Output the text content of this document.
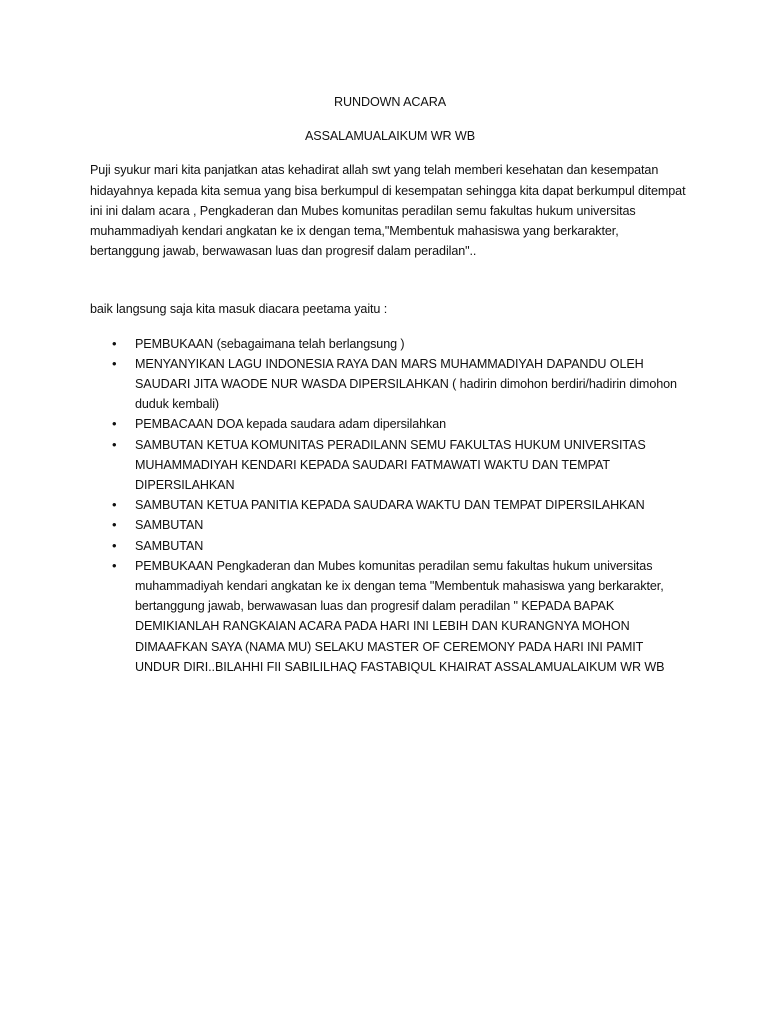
RUNDOWN ACARA

ASSALAMUALAIKUM WR WB

Puji syukur mari kita panjatkan atas kehadirat allah swt yang telah memberi kesehatan dan kesempatan hidayahnya kepada kita semua yang bisa berkumpul di kesempatan sehingga kita dapat berkumpul ditempat ini ini dalam acara , Pengkaderan dan Mubes komunitas peradilan semu fakultas hukum universitas muhammadiyah kendari angkatan ke ix dengan tema,"Membentuk mahasiswa yang berkarakter, bertanggung jawab, berwawasan luas dan progresif dalam peradilan"..

baik langsung saja kita masuk diacara peetama yaitu :

• PEMBUKAAN (sebagaimana telah berlangsung )
• MENYANYIKAN LAGU INDONESIA RAYA DAN MARS MUHAMMADIYAH DAPANDU OLEH SAUDARI JITA WAODE NUR WASDA DIPERSILAHKAN ( hadirin dimohon berdiri/hadirin dimohon duduk kembali)
• PEMBACAAN DOA kepada saudara adam dipersilahkan
• SAMBUTAN KETUA KOMUNITAS PERADILANN SEMU FAKULTAS HUKUM UNIVERSITAS MUHAMMADIYAH KENDARI KEPADA SAUDARI FATMAWATI WAKTU DAN TEMPAT DIPERSILAHKAN
• SAMBUTAN KETUA PANITIA KEPADA SAUDARA WAKTU DAN TEMPAT DIPERSILAHKAN
• SAMBUTAN
• SAMBUTAN
• PEMBUKAAN Pengkaderan dan Mubes komunitas peradilan semu fakultas hukum universitas muhammadiyah kendari angkatan ke ix dengan tema "Membentuk mahasiswa yang berkarakter, bertanggung jawab, berwawasan luas dan progresif dalam peradilan " KEPADA BAPAK

DEMIKIANLAH RANGKAIAN ACARA PADA HARI INI LEBIH DAN KURANGNYA MOHON DIMAAFKAN SAYA (NAMA MU) SELAKU MASTER OF CEREMONY PADA HARI INI PAMIT UNDUR DIRI..BILAHHI FII SABILILHAQ FASTABIQUL KHAIRAT ASSALAMUALAIKUM WR WB
